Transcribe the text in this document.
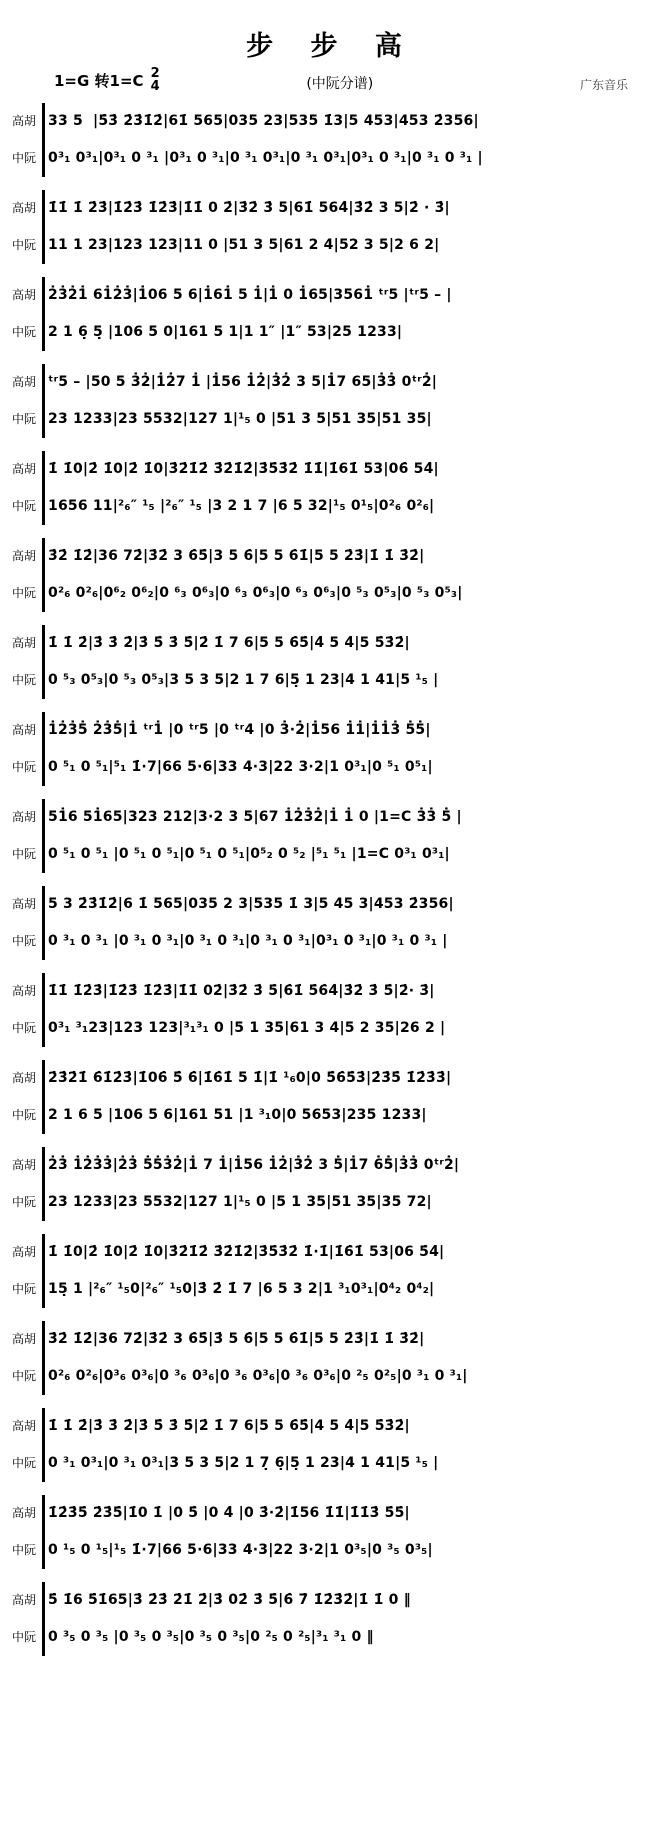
步 步 高
1=G 转1=C 2
4	(中阮分谱)	广东音乐
高胡
中阮
33 5  |5̇3̇ 2̇3̇1̇2̇|61̇ 565|035 23|535 1̇3|5 453|453 2̇356|
0³₁ 0³₁|0³₁ 0 ³₁ |0³₁ 0 ³₁|0 ³₁ 0³₁|0 ³₁ 0³₁|0³₁ 0 ³₁|0 ³₁ 0 ³₁ |
高胡
中阮
1̇1̇ 1̇ 2̇3̇|1̇2̇3̇ 1̇2̇3̇|1̇1̇ 0 2̇|3̇2̇ 3̇ 5|61̇ 564̇|3̇2̇ 3 5|2̇ · 3̇|
11 1 23|123 123|11 0 |51 3 5|61 2 4|52 3 5|2 6 2|
高胡
中阮
2̇3̇2̇1̇ 61̇2̇3̇|1̇06 5 6|1̇61̇ 5 1̇|1̇ 0 1̇65|3561̇ ᵗʳ5 |ᵗʳ5 – |
2 1 6̣ 5̣ |106 5 0|161 5 1|1 1″ |1″ 53|25 1233|
高胡
中阮
ᵗʳ5 – |50 5 3̇2̇|1̇2̇7 1̇ |1̇56 1̇2̇|3̇2̇ 3 5|1̇7 65|3̇3̇ 0ᵗʳ2̇|
23 1233|23 5532|127 1|¹₅ 0 |51 3 5|51 35|51 35|
高胡
中阮
1̇ 1̇0|2̇ 1̇0|2̇ 1̇0|3̇2̇1̇2̇ 3̇2̇1̇2̇|3̇5̇3̇2̇ 1̇1̇|1̇61̇ 53|06̇ 54̇|
1656 11|²₆″ ¹₅ |²₆″ ¹₅ |3 2 1 7 |6 5 32|¹₅ 0¹₅|0²₆ 0²₆|
高胡
中阮
3̇2̇ 1̇2̇|36 72̇|3̇2̇ 3 6̇5̇|3 5 6̇|5 5 6̇1̇|5 5 2̇3̇|1̇ 1̇ 3̇2̇|
0²₆ 0²₆|0⁶₂ 0⁶₂|0 ⁶₃ 0⁶₃|0 ⁶₃ 0⁶₃|0 ⁶₃ 0⁶₃|0 ⁵₃ 0⁵₃|0 ⁵₃ 0⁵₃|
高胡
中阮
1̇ 1̇ 2̇|3̇ 3̇ 2̇|3̇ 5̇ 3̇ 5̇|2̇ 1̇ 7 6|5 5 6̇5̇|4̇ 5 4̇|5 5̇3̇2̇|
0 ⁵₃ 0⁵₃|0 ⁵₃ 0⁵₃|3 5 3 5|2 1 7 6|5̣ 1 23|4 1 41|5 ¹₅ |
高胡
中阮
1̇2̇3̇5̇ 2̇3̇5̇|1̇ ᵗʳ1̇ |0 ᵗʳ5 |0 ᵗʳ4 |0 3̇·2̇|1̇56 1̇1̇|1̇1̇3̇ 5̇5̇|
0 ⁵₁ 0 ⁵₁|⁵₁ 1̇·7|66 5·6|33 4·3|22 3·2|1 0³₁|0 ⁵₁ 0⁵₁|
高胡
中阮
51̇6 51̇65|323 212|3·2 3 5|67 1̇2̇3̇2̇|1̇ 1̇ 0 |1=C 3̇3̇ 5̇ |
0 ⁵₁ 0 ⁵₁ |0 ⁵₁ 0 ⁵₁|0 ⁵₁ 0 ⁵₁|0⁵₂ 0 ⁵₂ |⁵₁ ⁵₁ |1=C 0³₁ 0³₁|
高胡
中阮
5 3 2̇3̇1̇2̇|6 1̇ 565|035 2 3|535 1̇ 3|5 45 3|453 2̇356|
0 ³₁ 0 ³₁ |0 ³₁ 0 ³₁|0 ³₁ 0 ³₁|0 ³₁ 0 ³₁|0³₁ 0 ³₁|0 ³₁ 0 ³₁ |
高胡
中阮
1̇1̇ 1̇2̇3̇|1̇2̇3̇ 1̇2̇3̇|1̇1̇ 02̇|3̇2̇ 3̇ 5̇|6̇1̇ 5̇6̇4̇|3̇2̇ 3̇ 5̇|2̇· 3̇|
0³₁ ³₁23|123 123|³₁³₁ 0 |5 1 35|61 3 4|5 2 35|26 2 |
高胡
中阮
2̇3̇2̇1̇ 6̇1̇2̇3̇|1̇06̇ 5̇ 6̇|1̇6̇1̇ 5 1̇|1̇ ¹₆0|0 5̇6̇5̇3̇|2̇3̇5̇ 1̇2̇3̇3̇|
2 1 6 5 |106 5 6|161 51 |1 ³₁0|0 5653|235 1233|
高胡
中阮
2̇3̇ 1̇2̇3̇3̇|2̇3̇ 5̇5̇3̇2̇|1̇ 7 1̇|1̇56 1̇2̇|3̇2̇ 3 5̇|1̇7 6̇5̇|3̇3̇ 0ᵗʳ2̇|
23 1233|23 5532|127 1|¹₅ 0 |5 1 35|51 35|35 72|
高胡
中阮
1̇ 1̇0|2̇ 1̇0|2̇ 1̇0|3̇2̇1̇2̇ 3̇2̇1̇2̇|3̇5̇3̇2̇ 1̇·1̇|1̇6̇1̇ 53|06 5̇4̇|
15̣ 1 |²₆″ ¹₅0|²₆″ ¹₅0|3̇ 2̇ 1̇ 7 |6 5 3 2|1 ³₁0³₁|0⁴₂ 0⁴₂|
高胡
中阮
3̇2̇ 1̇2̇|36 72̇|3̇2̇ 3 6̇5̇|3̇ 5 6̇|5 5 6̇1̇|5 5 2̇3̇|1̇ 1̇ 3̇2̇|
0²₆ 0²₆|0³₆ 0³₆|0 ³₆ 0³₆|0 ³₆ 0³₆|0 ³₆ 0³₆|0 ²₅ 0²₅|0 ³₁ 0 ³₁|
高胡
中阮
1̇ 1̇ 2̇|3̇ 3̇ 2̇|3̇ 5̇ 3̇ 5̇|2̇ 1̇ 7 6|5 5 6̇5̇|4 5 4̇|5 5̇3̇2̇|
0 ³₁ 0³₁|0 ³₁ 0³₁|3 5 3 5|2 1 7̣ 6̣|5̣ 1 23|4 1 41|5 ¹₅ |
高胡
中阮
1̇2̇3̇5̇ 2̇3̇5̇|1̇0 1̇ |0 5̇ |0 4̇ |0 3̇·2̇|1̇56 1̇1̇|1̇1̇3̇ 5̇5̇|
0 ¹₅ 0 ¹₅|¹₅ 1̇·7|66 5·6|33 4·3|22 3·2|1 0³₅|0 ³₅ 0³₅|
高胡
中阮
5̇ 1̇6 5̇1̇65|3̇ 2̇3̇ 2̇1̇ 2̇|3̇ 02̇ 3̇ 5̇|6̇ 7̇ 1̇2̇3̇2̇|1̇ 1̇ 0 ‖
0 ³₅ 0 ³₅ |0 ³₅ 0 ³₅|0 ³₅ 0 ³₅|0 ²₅ 0 ²₅|³₁ ³₁ 0 ‖
